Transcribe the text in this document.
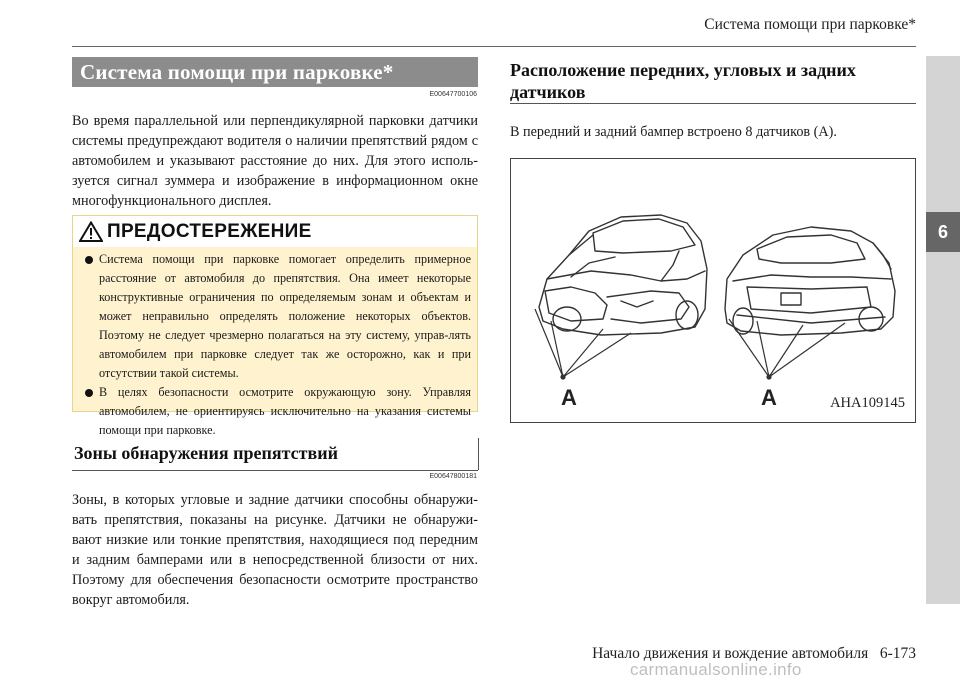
Система помощи при парковке*
6
Система помощи при парковке*
E00647700106

Во время параллельной или перпендикулярной парковки датчики системы предупреждают водителя о наличии препятствий рядом с автомобилем и указывают расстояние до них. Для этого исполь-зуется сигнал зуммера и изображение в информационном окне многофункционального дисплея.

ПРЕДОСТЕРЕЖЕНИЕ

Система помощи при парковке помогает определить примерное расстояние от автомобиля до препятствия. Она имеет некоторые конструктивные ограничения по определяемым зонам и объектам и может неправильно определять положение некоторых объектов. Поэтому не следует чрезмерно полагаться на эту систему, управ-лять автомобилем при парковке следует так же осторожно, как и при отсутствии такой системы.

В целях безопасности осмотрите окружающую зону. Управляя автомобилем, не ориентируясь исключительно на указания системы помощи при парковке.

Зоны обнаружения препятствий
E00647800181

Зоны, в которых угловые и задние датчики способны обнаружи-вать препятствия, показаны на рисунке. Датчики не обнаружи-вают низкие или тонкие препятствия, находящиеся под передним и задним бамперами или в непосредственной близости от них. Поэтому для обеспечения безопасности осмотрите пространство вокруг автомобиля.

Расположение передних, угловых и задних
датчиков

В передний и задний бампер встроено 8 датчиков (A).

A	A	AHA109145
Начало движения и вождение автомобиля 6-173
carmanualsonline.info
